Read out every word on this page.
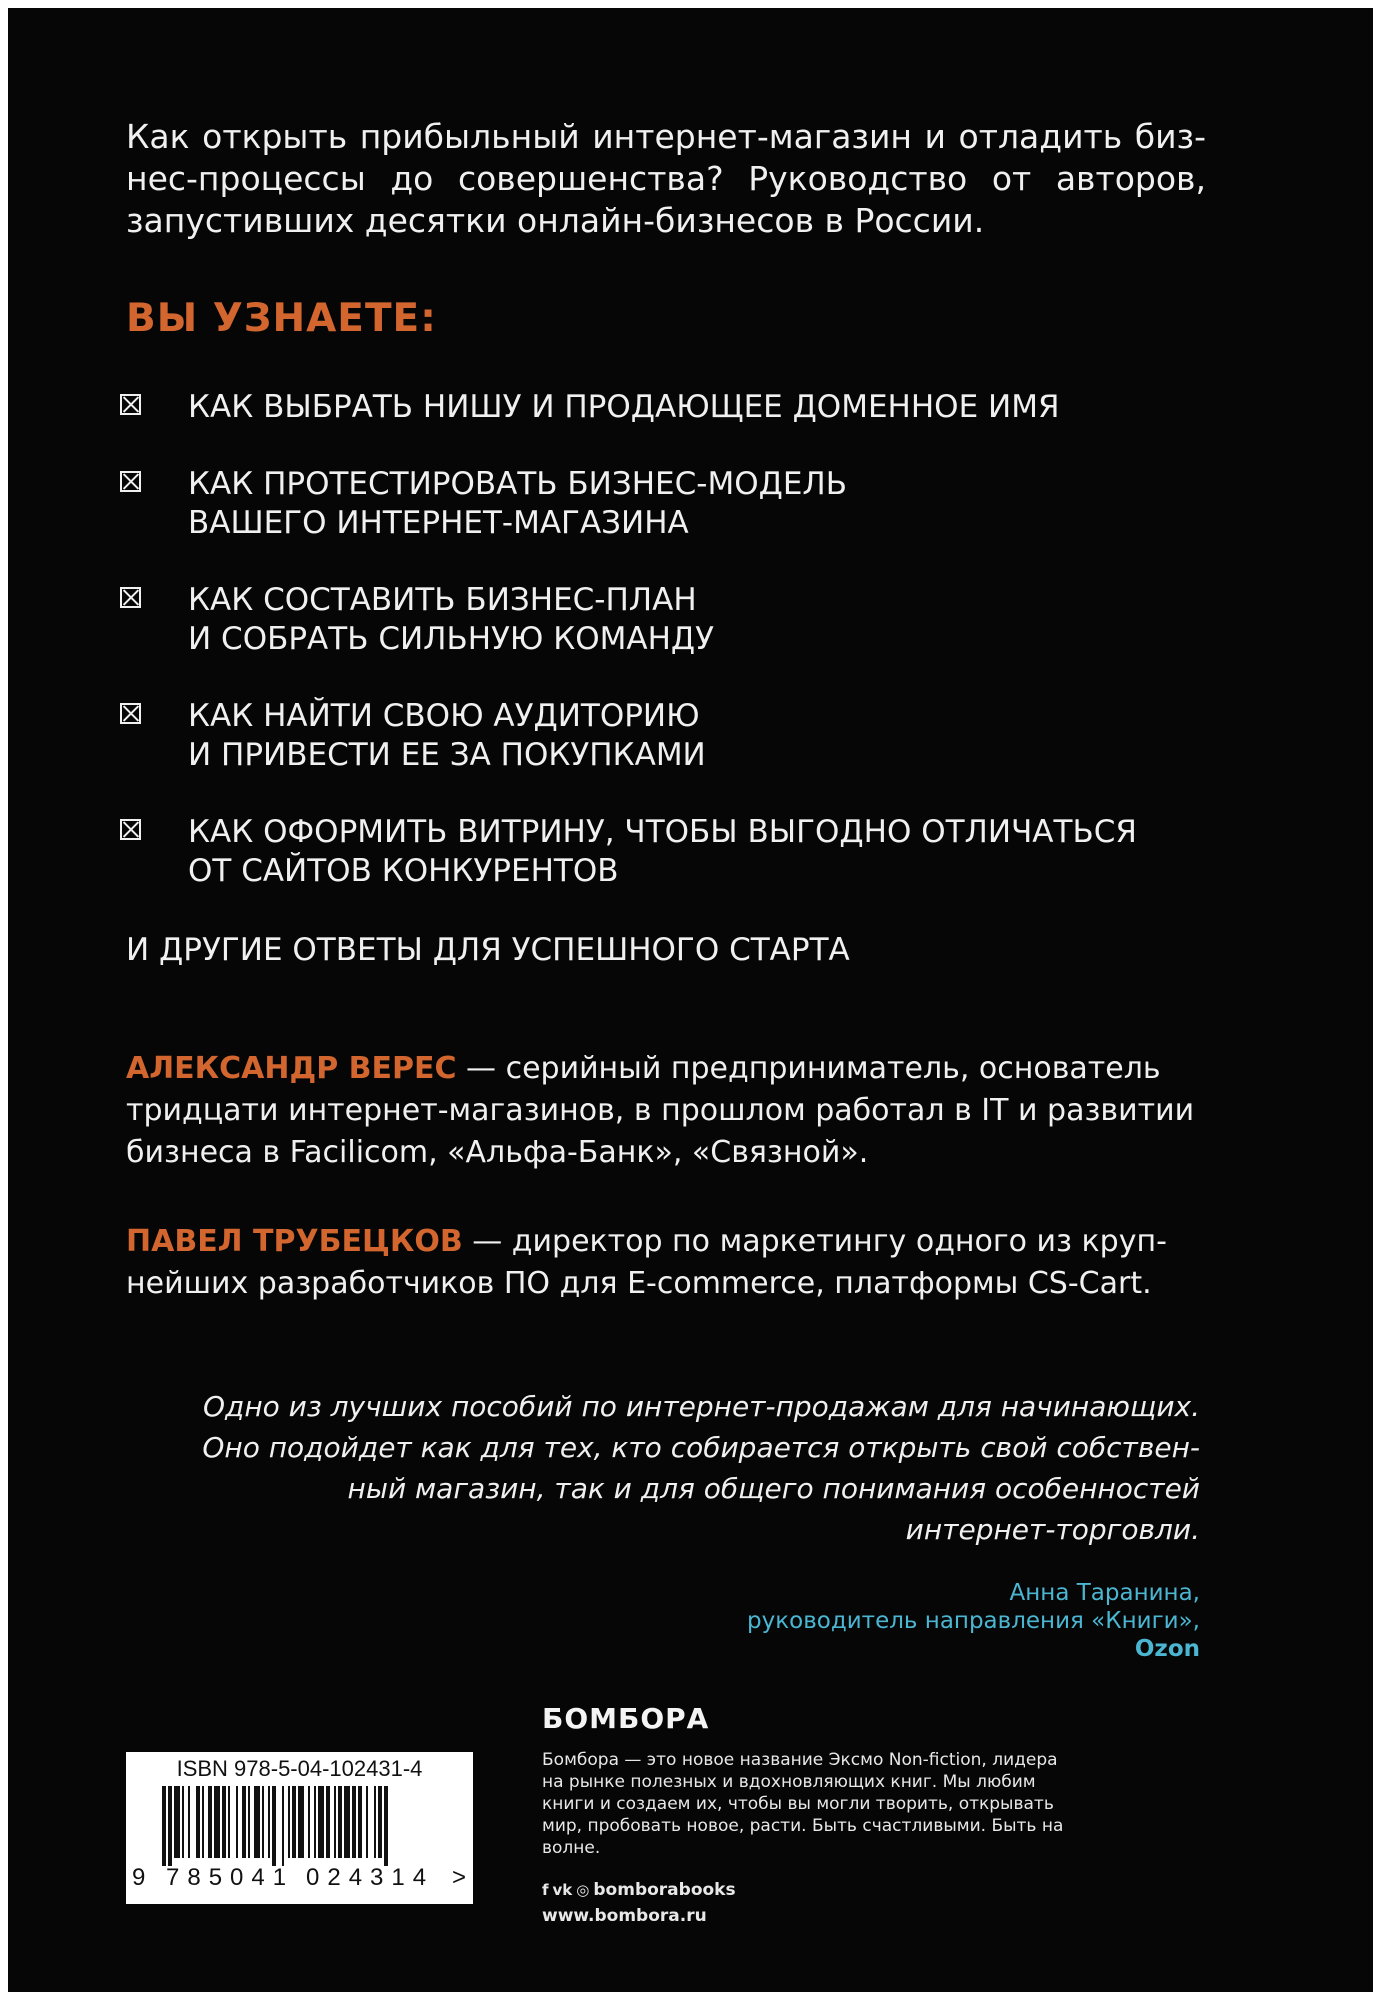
Как открыть прибыльный интернет-магазин и отладить биз-нес-процессы до совершенства? Руководство от авторов, запустивших десятки онлайн-бизнесов в России.
ВЫ УЗНАЕТЕ:
КАК ВЫБРАТЬ НИШУ И ПРОДАЮЩЕЕ ДОМЕННОЕ ИМЯ
КАК ПРОТЕСТИРОВАТЬ БИЗНЕС-МОДЕЛЬ
ВАШЕГО ИНТЕРНЕТ-МАГАЗИНА
КАК СОСТАВИТЬ БИЗНЕС-ПЛАН
И СОБРАТЬ СИЛЬНУЮ КОМАНДУ
КАК НАЙТИ СВОЮ АУДИТОРИЮ
И ПРИВЕСТИ ЕЕ ЗА ПОКУПКАМИ
КАК ОФОРМИТЬ ВИТРИНУ, ЧТОБЫ ВЫГОДНО ОТЛИЧАТЬСЯ
ОТ САЙТОВ КОНКУРЕНТОВ
И ДРУГИЕ ОТВЕТЫ ДЛЯ УСПЕШНОГО СТАРТА
АЛЕКСАНДР ВЕРЕС — серийный предприниматель, основатель тридцати интернет-магазинов, в прошлом работал в IT и развитии бизнеса в Facilicom, «Альфа-Банк», «Связной».
ПАВЕЛ ТРУБЕЦКОВ — директор по маркетингу одного из круп-нейших разработчиков ПО для E-commerce, платформы CS-Cart.
Одно из лучших пособий по интернет-продажам для начинающих. Оно подойдет как для тех, кто собирается открыть свой собствен-ный магазин, так и для общего понимания особенностей интернет-торговли.
Анна Таранина,
руководитель направления «Книги»,
Ozon
ISBN 978-5-04-102431-4
9 785041 024314 >
БОМБОРА
Бомбора — это новое название Эксмо Non-fiction, лидера на рынке полезных и вдохновляющих книг. Мы любим книги и создаем их, чтобы вы могли творить, открывать мир, пробовать новое, расти. Быть счастливыми. Быть на волне.
f vk ◎ bomborabooks
www.bombora.ru
